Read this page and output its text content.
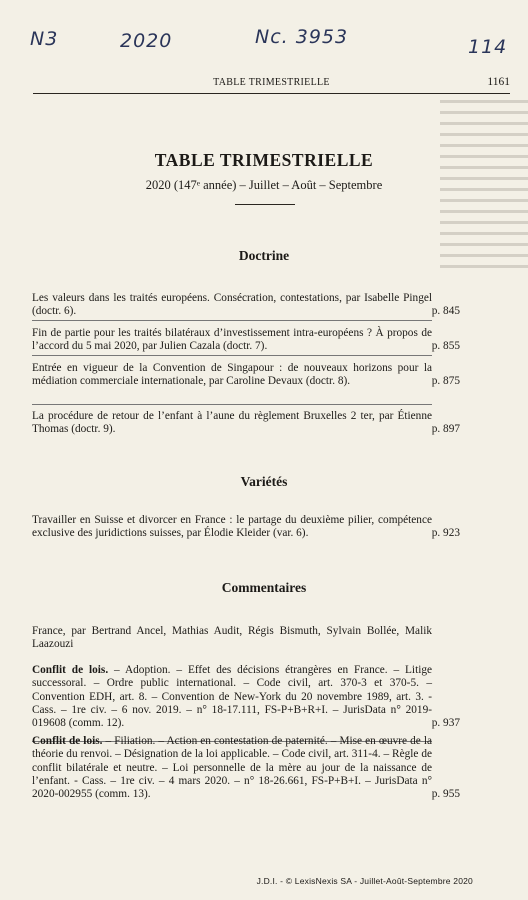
N3	2020	Nc. 3953	114
TABLE TRIMESTRIELLE	1161
TABLE TRIMESTRIELLE
2020 (147ᵉ année) – Juillet – Août – Septembre
Doctrine
Les valeurs dans les traités européens. Consécration, contestations, par Isabelle Pingel (doctr. 6).	p. 845
Fin de partie pour les traités bilatéraux d’investissement intra-européens ? À propos de l’accord du 5 mai 2020, par Julien Cazala (doctr. 7).	p. 855
Entrée en vigueur de la Convention de Singapour : de nouveaux horizons pour la médiation commerciale internationale, par Caroline Devaux (doctr. 8).	p. 875
La procédure de retour de l’enfant à l’aune du règlement Bruxelles 2 ter, par Étienne Thomas (doctr. 9).	p. 897
Variétés
Travailler en Suisse et divorcer en France : le partage du deuxième pilier, compétence exclusive des juridictions suisses, par Élodie Kleider (var. 6).	p. 923
Commentaires
France, par Bertrand Ancel, Mathias Audit, Régis Bismuth, Sylvain Bollée, Malik Laazouzi
Conflit de lois. – Adoption. – Effet des décisions étrangères en France. – Litige successoral. – Ordre public international. – Code civil, art. 370-3 et 370-5. – Convention EDH, art. 8. – Convention de New-York du 20 novembre 1989, art. 3. - Cass. – 1re civ. – 6 nov. 2019. – n° 18-17.111, FS-P+B+R+I. – JurisData n° 2019-019608 (comm. 12).	p. 937
Conflit de lois. – Filiation. – Action en contestation de paternité. – Mise en œuvre de la théorie du renvoi. – Désignation de la loi applicable. – Code civil, art. 311-4. – Règle de conflit bilatérale et neutre. – Loi personnelle de la mère au jour de la naissance de l’enfant. - Cass. – 1re civ. – 4 mars 2020. – n° 18-26.661, FS-P+B+I. – JurisData n° 2020-002955 (comm. 13).	p. 955
J.D.I. - © LexisNexis SA - Juillet-Août-Septembre 2020
